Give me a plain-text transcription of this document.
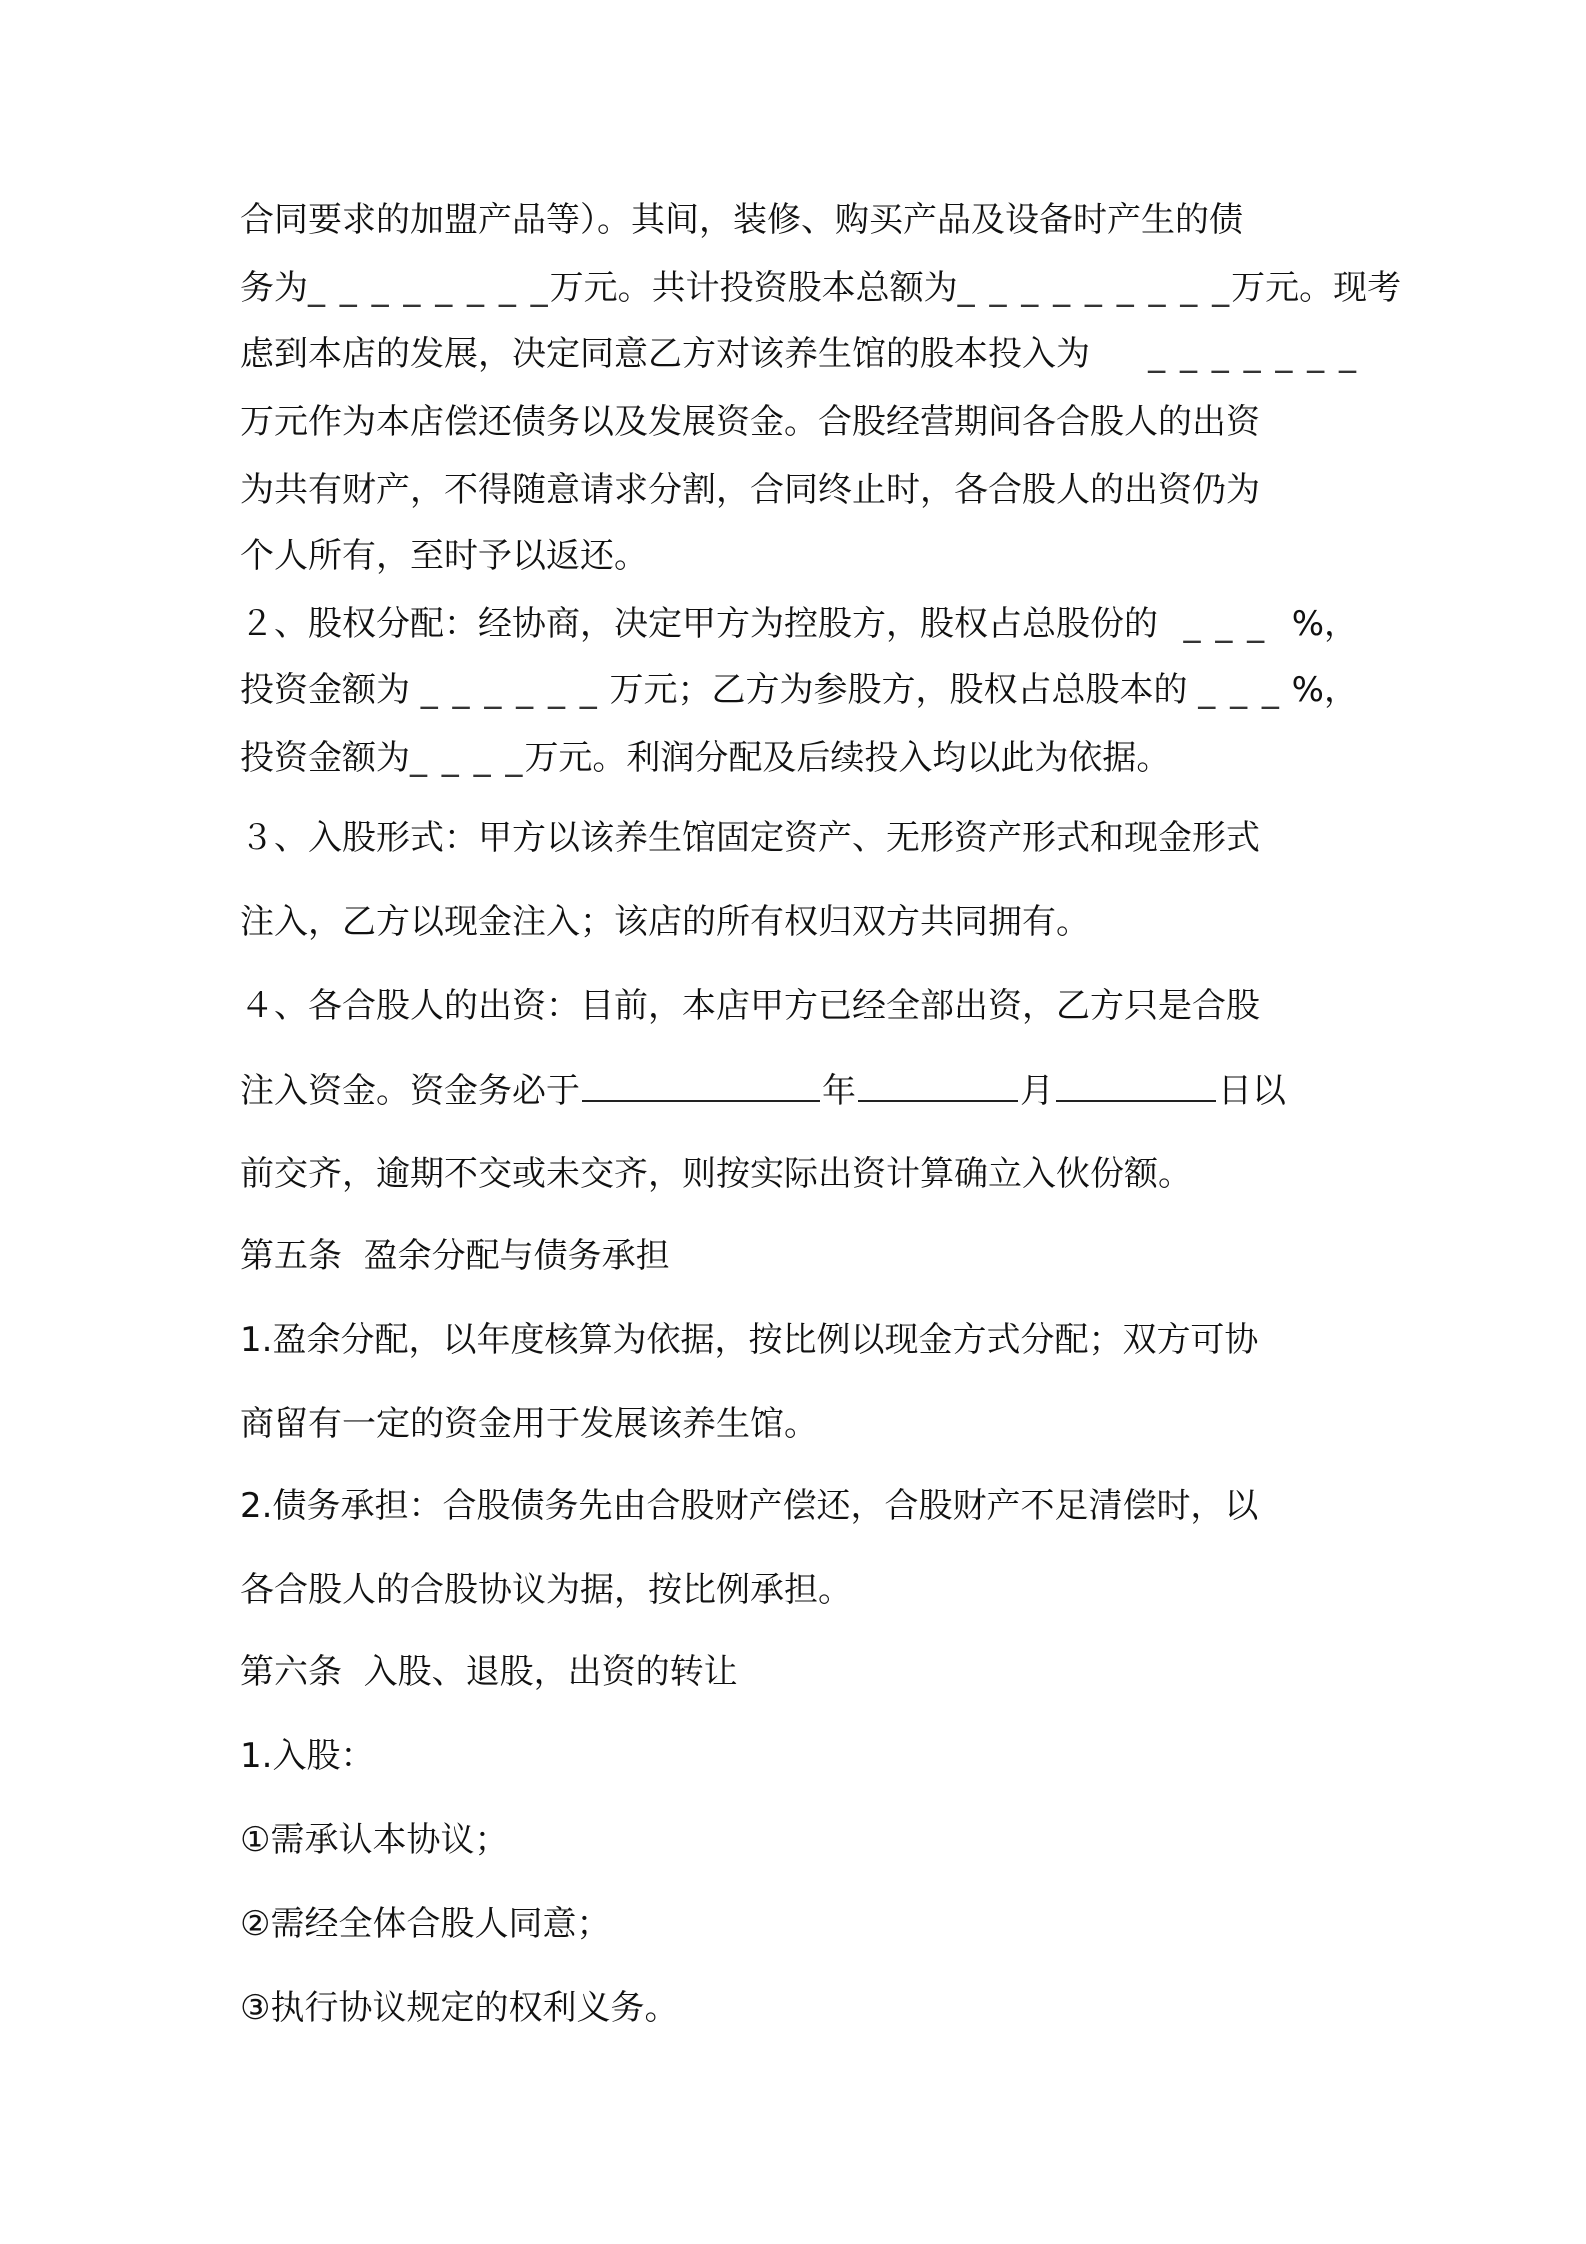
合同要求的加盟产品等）。其间，装修、购买产品及设备时产生的债
务为 _ _ _ _ _ _ _ _ 万元。共计投资股本总额为 _ _ _ _ _ _ _ _ _ 万元。现考
虑到本店的发展，决定同意乙方对该养生馆的股本投入为 _ _ _ _ _ _ _
万元作为本店偿还债务以及发展资金。合股经营期间各合股人的出资
为共有财产，不得随意请求分割，合同终止时，各合股人的出资仍为
个人所有，至时予以返还。
２、股权分配：经协商，决定甲方为控股方，股权占总股份的 _ _ _ %，
投资金额为 _ _ _ _ _ _ 万元；乙方为参股方，股权占总股本的 _ _ _ %，
投资金额为_ _ _ _万元。利润分配及后续投入均以此为依据。
３、入股形式：甲方以该养生馆固定资产、无形资产形式和现金形式
注入，乙方以现金注入；该店的所有权归双方共同拥有。
４、各合股人的出资：目前，本店甲方已经全部出资，乙方只是合股
注入资金。资金务必于	年	月	日以
前交齐，逾期不交或未交齐，则按实际出资计算确立入伙份额。
第五条  盈余分配与债务承担
1.盈余分配，以年度核算为依据，按比例以现金方式分配；双方可协
商留有一定的资金用于发展该养生馆。
2.债务承担：合股债务先由合股财产偿还，合股财产不足清偿时，以
各合股人的合股协议为据，按比例承担。
第六条  入股、退股，出资的转让
1.入股：
①需承认本协议；
②需经全体合股人同意；
③执行协议规定的权利义务。
